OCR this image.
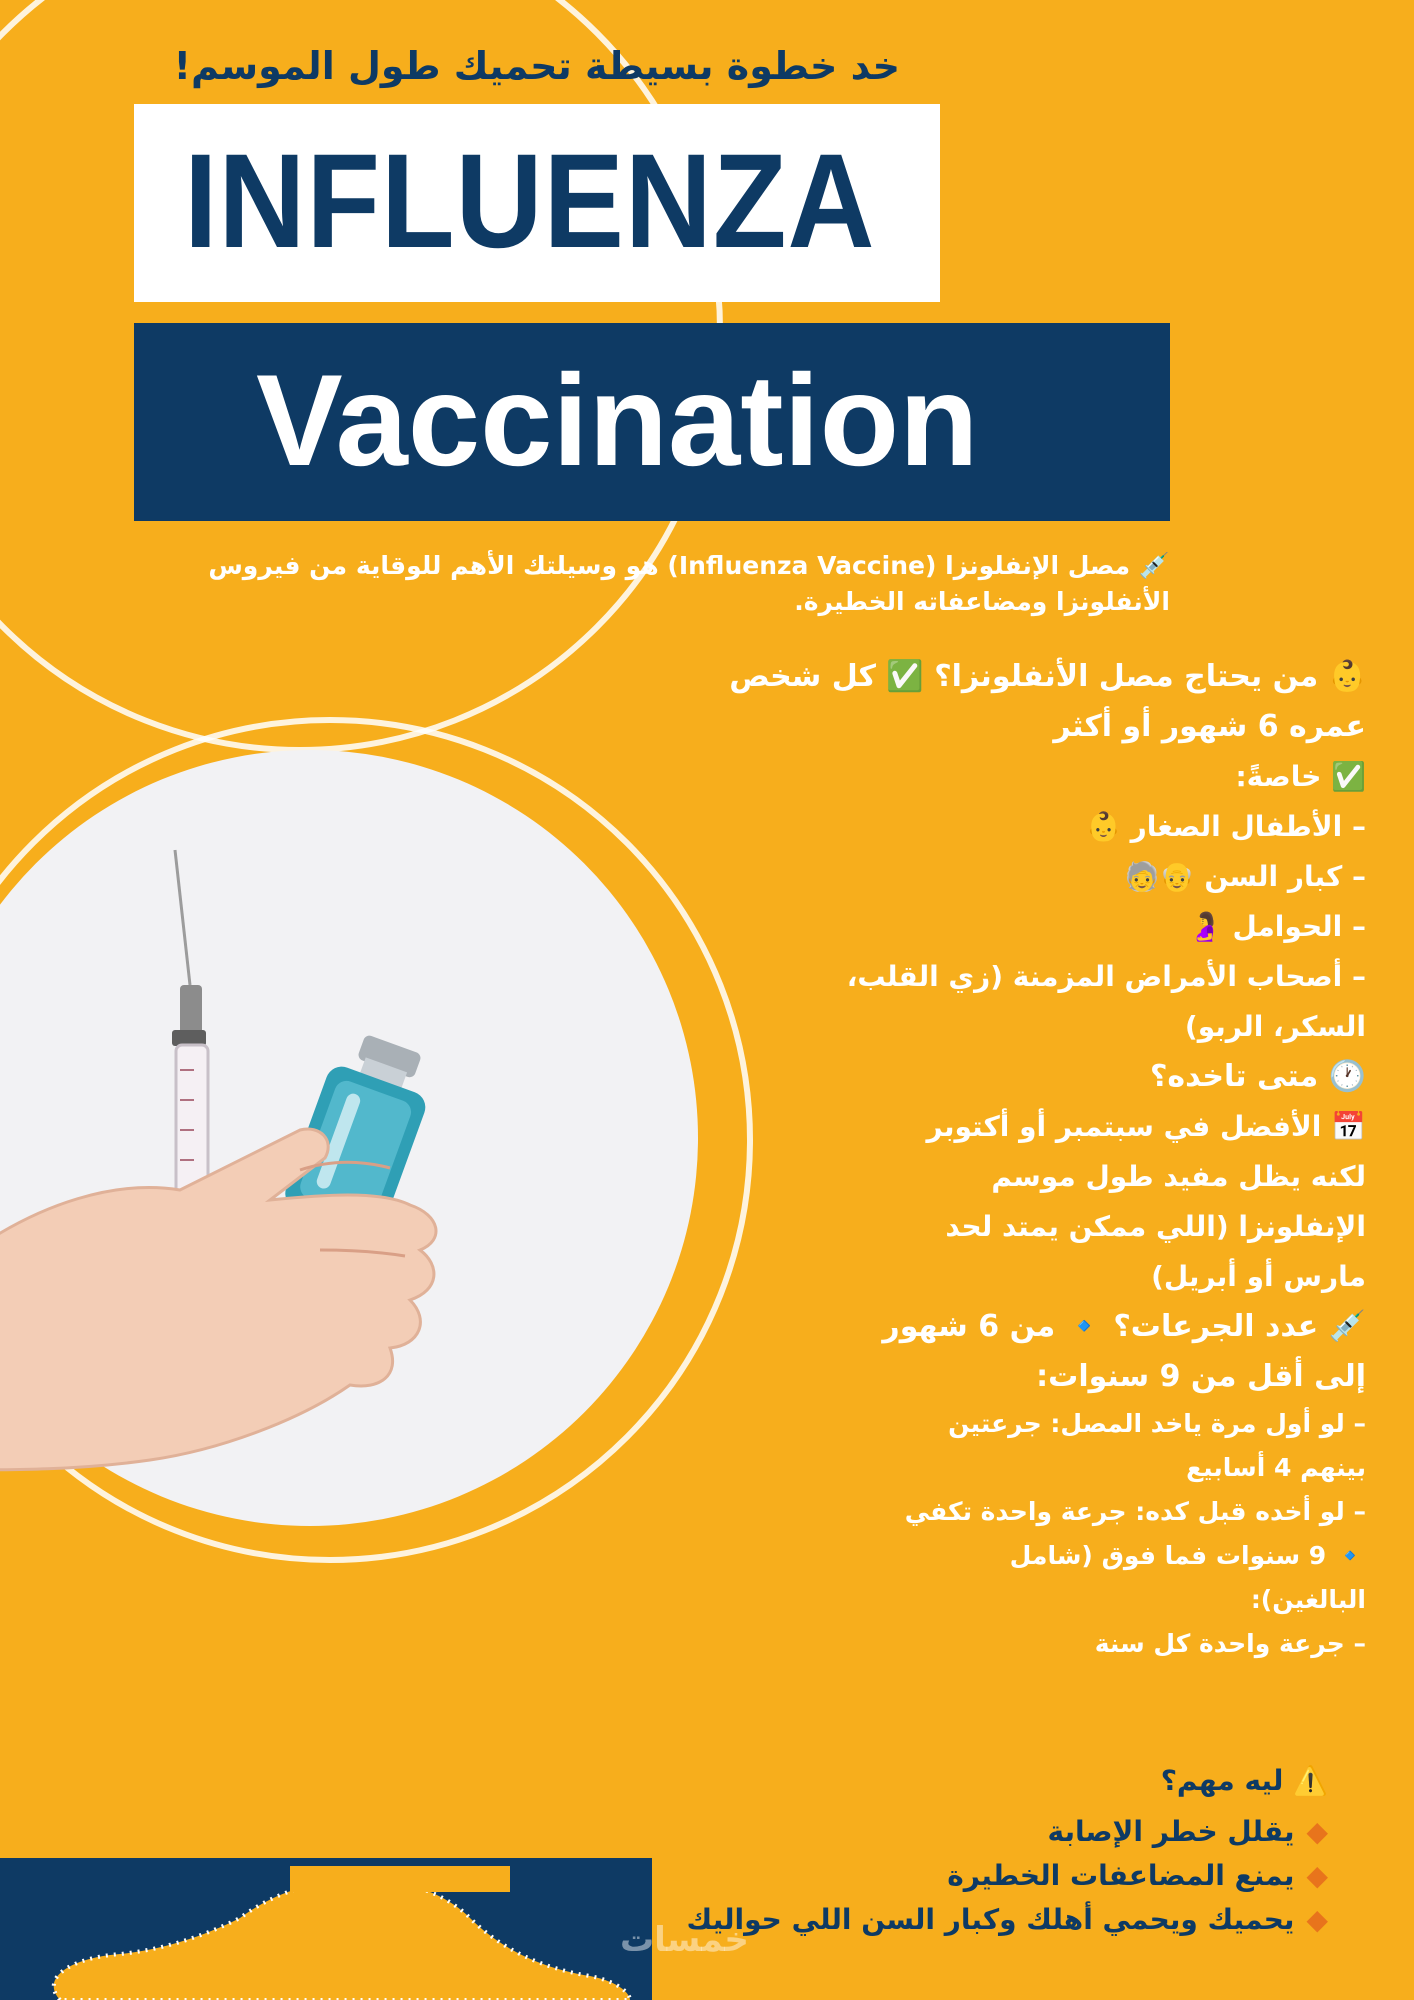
خد خطوة بسيطة تحميك طول الموسم!

INFLUENZA

Vaccination

💉 مصل الإنفلونزا (Influenza Vaccine) هو وسيلتك الأهم للوقاية من فيروس الأنفلونزا ومضاعفاته الخطيرة.

👶 من يحتاج مصل الأنفلونزا؟ ✅ كل شخص

عمره 6 شهور أو أكثر

✅ خاصةً:

– الأطفال الصغار 👶

– كبار السن 👴🧓

– الحوامل 🤰

– أصحاب الأمراض المزمنة (زي القلب،

السكر، الربو)

🕐 متى تاخده؟

📅 الأفضل في سبتمبر أو أكتوبر

لكنه يظل مفيد طول موسم

الإنفلونزا (اللي ممكن يمتد لحد

مارس أو أبريل)

💉 عدد الجرعات؟ 🔹 من 6 شهور

إلى أقل من 9 سنوات:

– لو أول مرة ياخد المصل: جرعتين

بينهم 4 أسابيع

– لو أخده قبل كده: جرعة واحدة تكفي

🔹 9 سنوات فما فوق (شامل

البالغين):

– جرعة واحدة كل سنة

⚠️ ليه مهم؟

◆يقلل خطر الإصابة
◆يمنع المضاعفات الخطيرة
◆يحميك ويحمي أهلك وكبار السن اللي حواليك
خمسات
